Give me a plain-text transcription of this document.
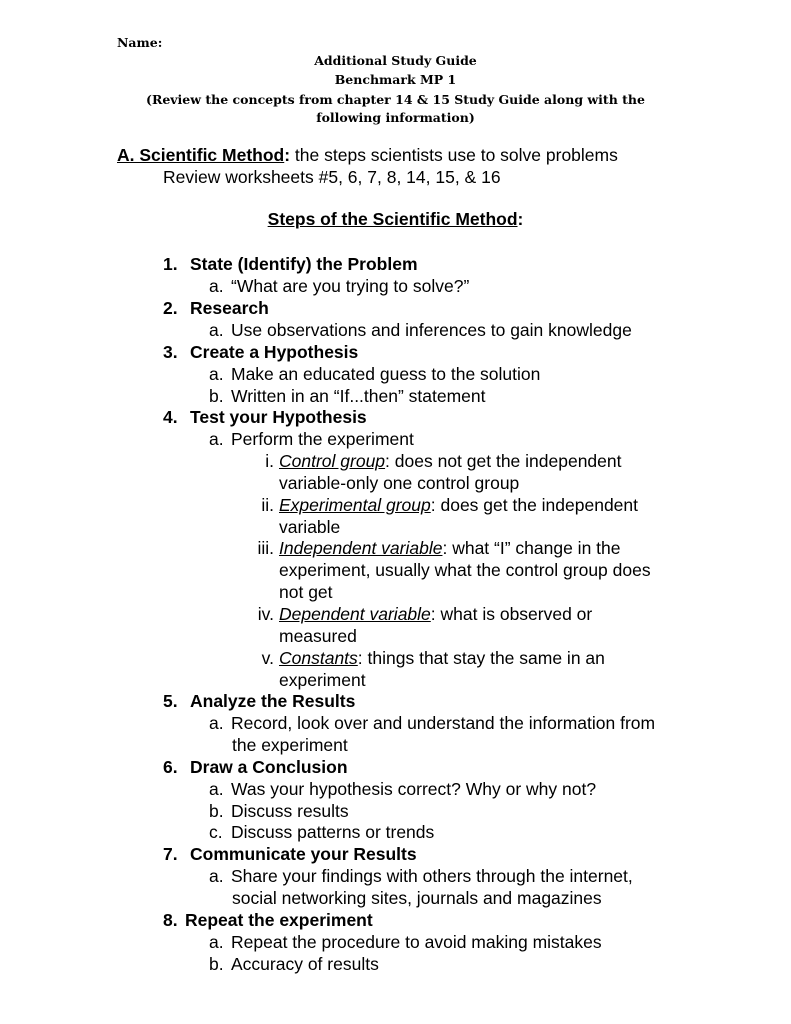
Name:
Additional Study Guide
Benchmark MP 1
(Review the concepts from chapter 14 & 15 Study Guide along with the
following information)
A. Scientific Method: the steps scientists use to solve problems
Review worksheets #5, 6, 7, 8, 14, 15, & 16
Steps of the Scientific Method:
1. State (Identify) the Problem
a. “What are you trying to solve?”
2. Research
a. Use observations and inferences to gain knowledge
3. Create a Hypothesis
a. Make an educated guess to the solution
b. Written in an “If...then” statement
4. Test your Hypothesis
a. Perform the experiment
i. Control group: does not get the independent
variable-only one control group
ii. Experimental group: does get the independent
variable
iii. Independent variable: what “I” change in the
experiment, usually what the control group does
not get
iv. Dependent variable: what is observed or
measured
v. Constants: things that stay the same in an
experiment
5. Analyze the Results
a. Record, look over and understand the information from
the experiment
6. Draw a Conclusion
a. Was your hypothesis correct? Why or why not?
b. Discuss results
c. Discuss patterns or trends
7. Communicate your Results
a. Share your findings with others through the internet,
social networking sites, journals and magazines
8. Repeat the experiment
a. Repeat the procedure to avoid making mistakes
b. Accuracy of results
